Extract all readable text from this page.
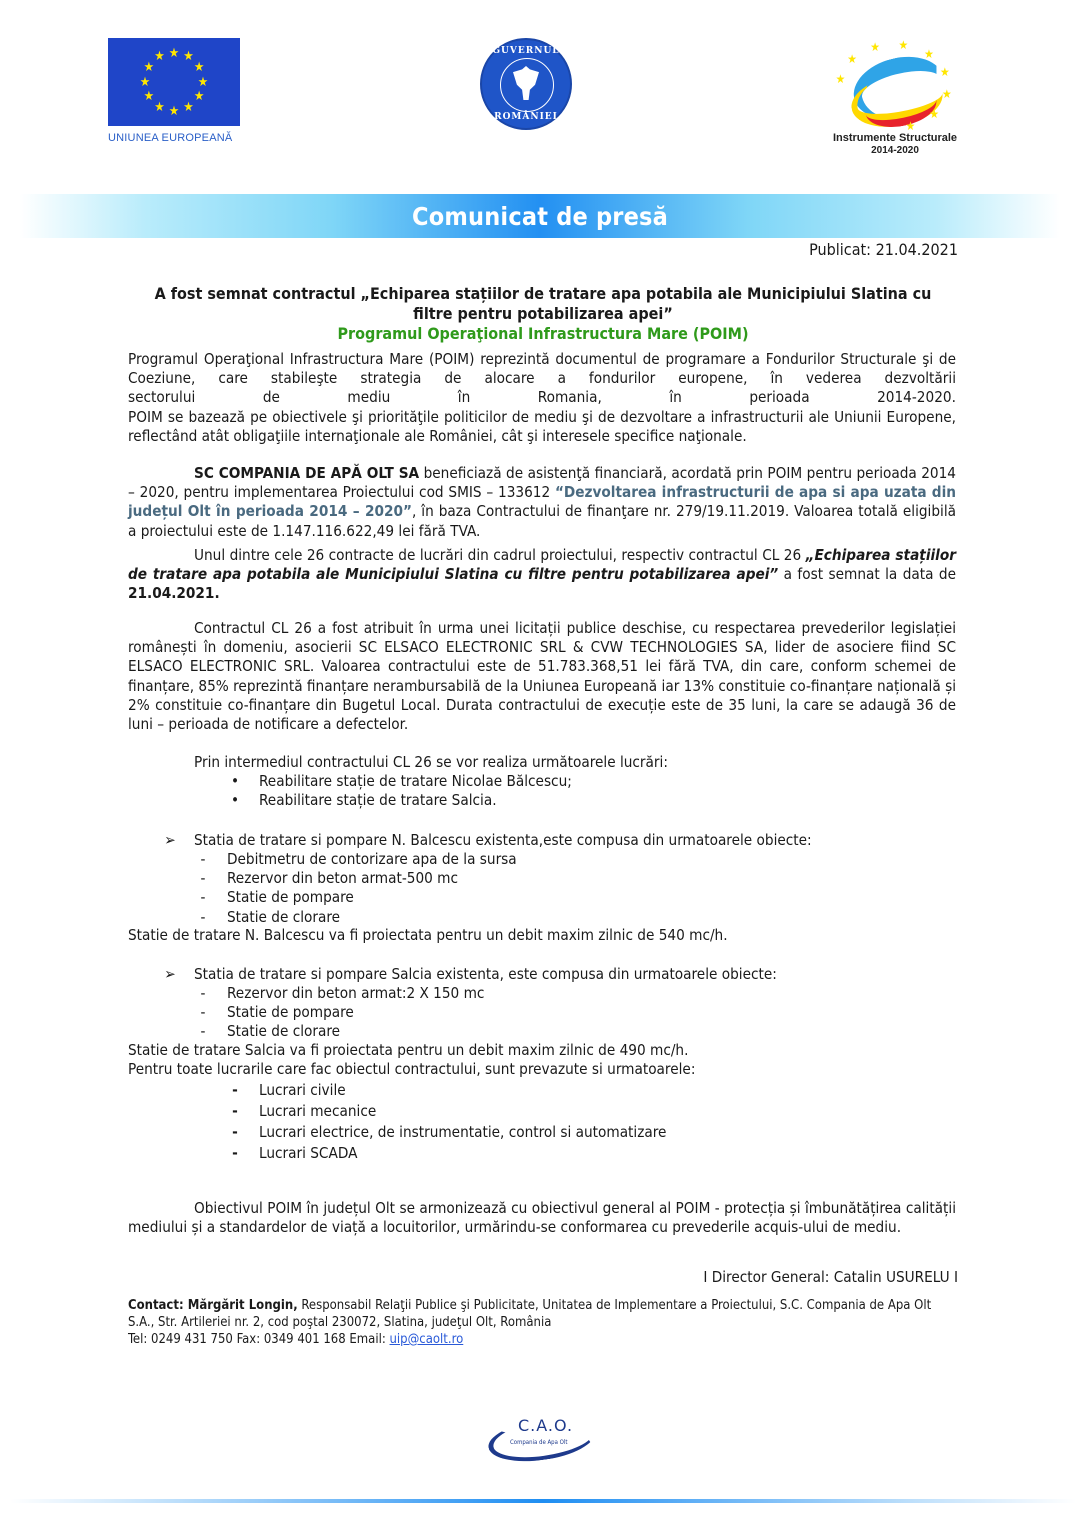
★ ★
★
★
★
★
★
★
★
★
★
★
UNIUNEA EUROPEANĂ
GUVERNUL
ROMÂNIEI
★
★
★ ★
★
★
★
★
★
Instrumente Structurale
2014-2020
Comunicat de presă
Publicat: 21.04.2021
A fost semnat contractul „Echiparea stațiilor de tratare apa potabila ale Municipiului Slatina cu
filtre pentru potabilizarea apei”
Programul Operaţional Infrastructura Mare (POIM)
Programul Operaţional Infrastructura Mare (POIM) reprezintă documentul de programare a Fondurilor Structurale şi de Coeziune, care stabileşte strategia de alocare a fondurilor europene, în vederea dezvoltării
sectorului	de	mediu	în	Romania,	în	perioada	2014-2020.
POIM se bazează pe obiectivele şi priorităţile politicilor de mediu şi de dezvoltare a infrastructurii ale Uniunii Europene, reflectând atât obligaţiile internaţionale ale României, cât şi interesele specifice naţionale.
SC COMPANIA DE APĂ OLT SA beneficiază de asistenţă financiară, acordată prin POIM pentru perioada 2014 – 2020, pentru implementarea Proiectului cod SMIS – 133612 “Dezvoltarea infrastructurii de apa si apa uzata din județul Olt în perioada 2014 – 2020”, în baza Contractului de finanţare nr. 279/19.11.2019. Valoarea totală eligibilă a proiectului este de 1.147.116.622,49 lei fără TVA.
Unul dintre cele 26 contracte de lucrări din cadrul proiectului, respectiv contractul CL 26 „Echiparea stațiilor de tratare apa potabila ale Municipiului Slatina cu filtre pentru potabilizarea apei” a fost semnat la data de 21.04.2021.
Contractul CL 26 a fost atribuit în urma unei licitații publice deschise, cu respectarea prevederilor legislației românești în domeniu, asocierii SC ELSACO ELECTRONIC SRL & CVW TECHNOLOGIES SA, lider de asociere fiind SC ELSACO ELECTRONIC SRL. Valoarea contractului este de 51.783.368,51 lei fără TVA, din care, conform schemei de finanțare, 85% reprezintă finanțare nerambursabilă de la Uniunea Europeană iar 13% constituie co-finanțare națională și 2% constituie co-finanțare din Bugetul Local. Durata contractului de execuție este de 35 luni, la care se adaugă 36 de luni – perioada de notificare a defectelor.
Prin intermediul contractului CL 26 se vor realiza următoarele lucrări:
•	Reabilitare stație de tratare Nicolae Bălcescu;
•	Reabilitare stație de tratare Salcia.
➢ Statia de tratare si pompare N. Balcescu existenta,este compusa din urmatoarele obiecte:
-	Debitmetru de contorizare apa de la sursa
-	Rezervor din beton armat-500 mc
-	Statie de pompare
-	Statie de clorare
Statie de tratare N. Balcescu va fi proiectata pentru un debit maxim zilnic de 540 mc/h.
➢ Statia de tratare si pompare Salcia existenta, este compusa din urmatoarele obiecte:
-	Rezervor din beton armat:2 X 150 mc
-	Statie de pompare
-	Statie de clorare
Statie de tratare Salcia va fi proiectata pentru un debit maxim zilnic de 490 mc/h.
Pentru toate lucrarile care fac obiectul contractului, sunt prevazute si urmatoarele:
-	Lucrari civile
-	Lucrari mecanice
-	Lucrari electrice, de instrumentatie, control si automatizare
-	Lucrari SCADA
Obiectivul POIM în județul Olt se armonizează cu obiectivul general al POIM - protecția și îmbunătățirea calității mediului și a standardelor de viață a locuitorilor, urmărindu-se conformarea cu prevederile acquis-ului de mediu.
I Director General: Catalin USURELU I
Contact: Mărgărit Longin, Responsabil Relaţii Publice şi Publicitate, Unitatea de Implementare a Proiectului, S.C. Compania de Apa Olt S.A., Str. Artileriei nr. 2, cod poştal 230072, Slatina, judeţul Olt, România
Tel: 0249 431 750 Fax: 0349 401 168 Email: uip@caolt.ro
C.A.O.
Compania de Apa Olt
